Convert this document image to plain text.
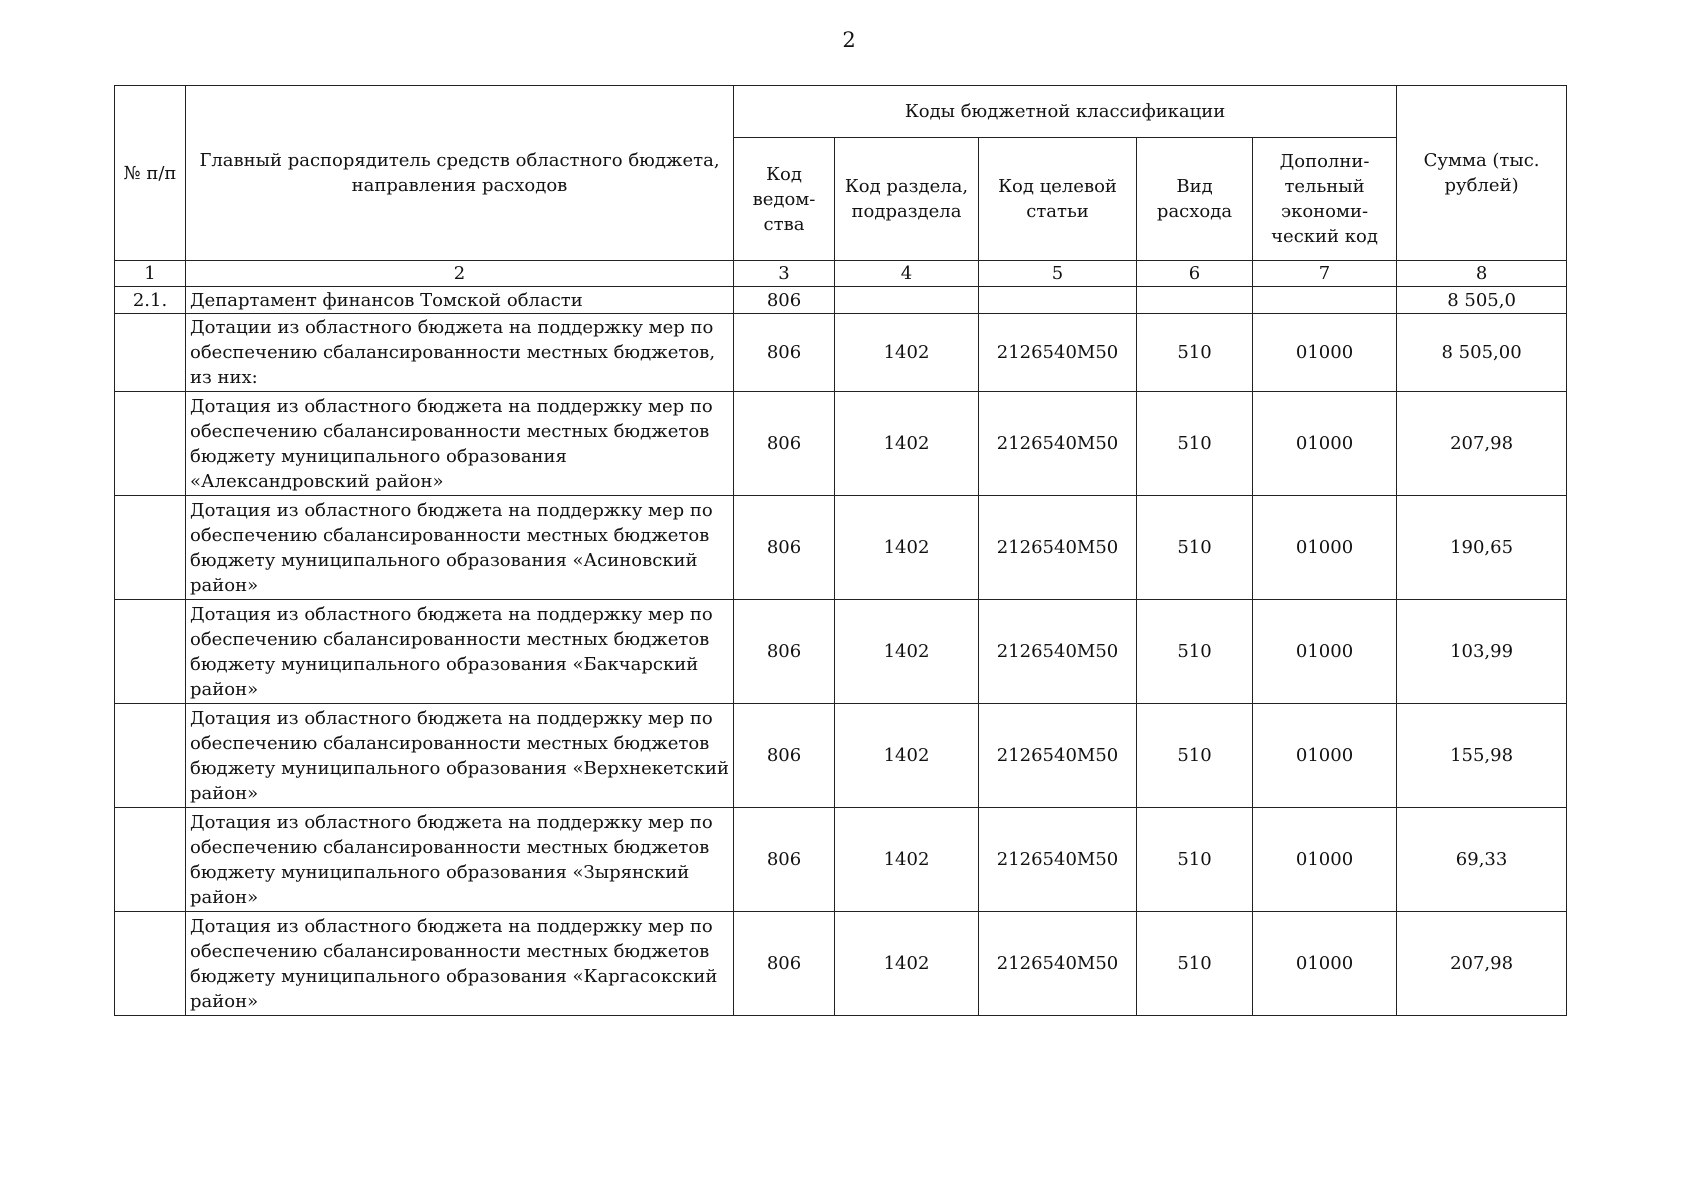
2
№ п/п	Главный распорядитель средств областного бюджета, направления расходов	Коды бюджетной классификации					Сумма (тыс. рублей)
		Код ведом-ства	Код раздела, подраздела	Код целевой статьи	Вид расхода	Дополни-тельный экономи-ческий код	
1	2	3	4	5	6	7	8
2.1.	Департамент финансов Томской области	806					8 505,0
	Дотации из областного бюджета на поддержку мер по обеспечению сбалансированности местных бюджетов, из них:	806	1402	2126540M50	510	01000	8 505,00
	Дотация из областного бюджета на поддержку мер по обеспечению сбалансированности местных бюджетов бюджету муниципального образования «Александровский район»	806	1402	2126540M50	510	01000	207,98
	Дотация из областного бюджета на поддержку мер по обеспечению сбалансированности местных бюджетов бюджету муниципального образования «Асиновский район»	806	1402	2126540M50	510	01000	190,65
	Дотация из областного бюджета на поддержку мер по обеспечению сбалансированности местных бюджетов бюджету муниципального образования «Бакчарский район»	806	1402	2126540M50	510	01000	103,99
	Дотация из областного бюджета на поддержку мер по обеспечению сбалансированности местных бюджетов бюджету муниципального образования «Верхнекетский район»	806	1402	2126540M50	510	01000	155,98
	Дотация из областного бюджета на поддержку мер по обеспечению сбалансированности местных бюджетов бюджету муниципального образования «Зырянский район»	806	1402	2126540M50	510	01000	69,33
	Дотация из областного бюджета на поддержку мер по обеспечению сбалансированности местных бюджетов бюджету муниципального образования «Каргасокский район»	806	1402	2126540M50	510	01000	207,98
